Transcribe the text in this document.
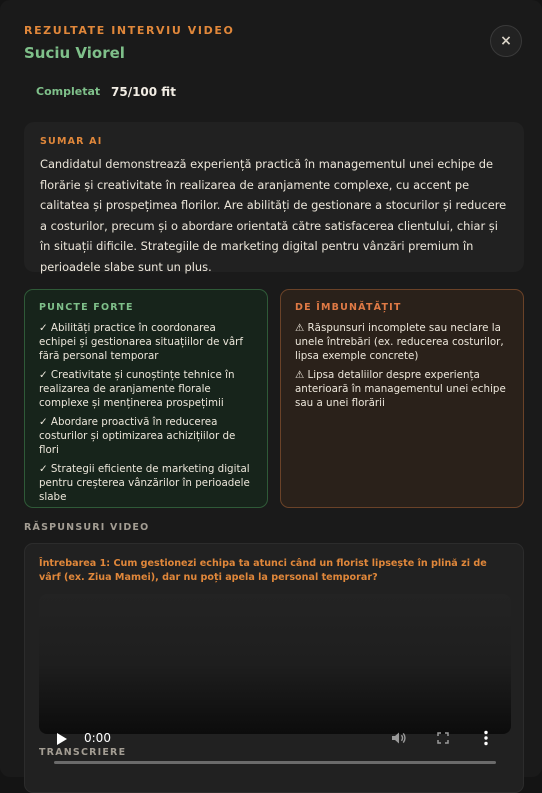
REZULTATE INTERVIU VIDEO
Suciu Viorel
×
Completat 75/100 fit
SUMAR AI
Candidatul demonstrează experiență practică în managementul unei echipe de florărie și creativitate în realizarea de aranjamente complexe, cu accent pe calitatea și prospețimea florilor. Are abilități de gestionare a stocurilor și reducere a costurilor, precum și o abordare orientată către satisfacerea clientului, chiar și în situații dificile. Strategiile de marketing digital pentru vânzări premium în perioadele slabe sunt un plus.
PUNCTE FORTE
✓ Abilități practice în coordonarea echipei și gestionarea situațiilor de vârf fără personal temporar
✓ Creativitate și cunoștințe tehnice în realizarea de aranjamente florale complexe și menținerea prospețimii
✓ Abordare proactivă în reducerea costurilor și optimizarea achizițiilor de flori
✓ Strategii eficiente de marketing digital pentru creșterea vânzărilor în perioadele slabe
DE ÎMBUNĂTĂȚIT
⚠ Răspunsuri incomplete sau neclare la unele întrebări (ex. reducerea costurilor, lipsa exemple concrete)
⚠ Lipsa detaliilor despre experiența anterioară în managementul unei echipe sau a unei florării
RĂSPUNSURI VIDEO
Întrebarea 1: Cum gestionezi echipa ta atunci când un florist lipsește în plină zi de vârf (ex. Ziua Mamei), dar nu poți apela la personal temporar?
0:00
TRANSCRIERE
